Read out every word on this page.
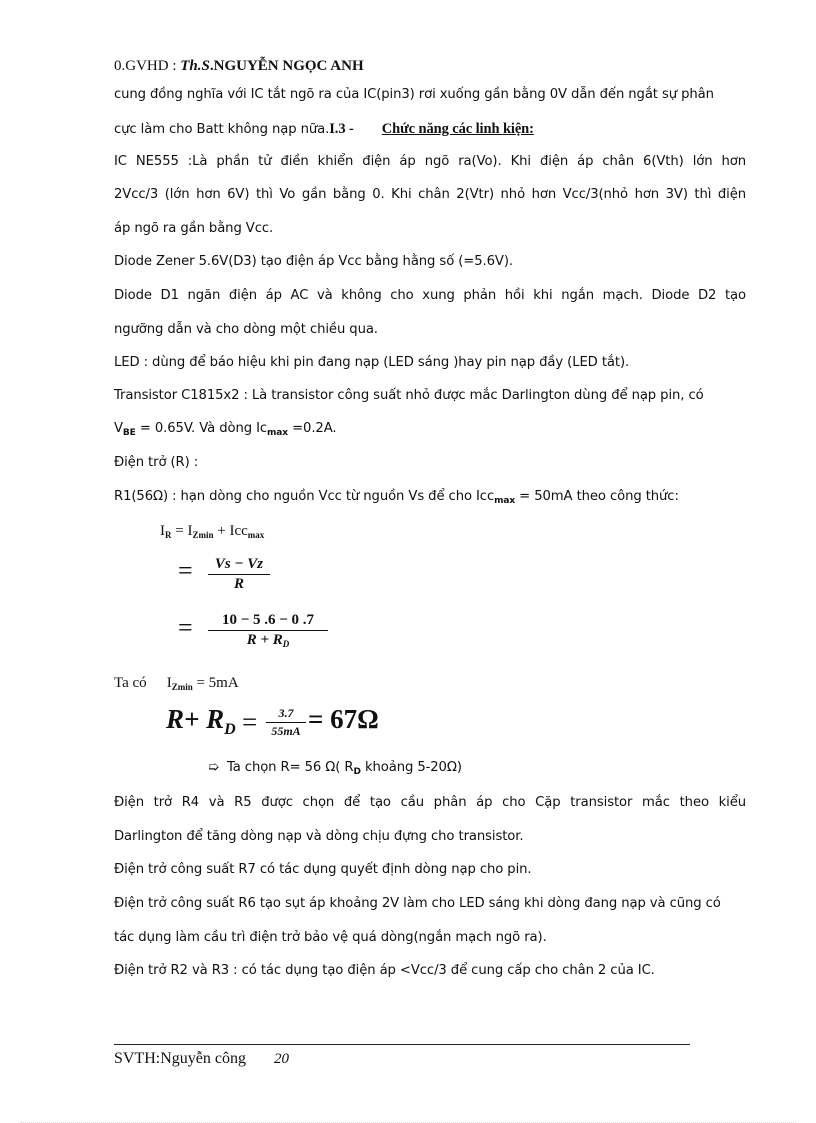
0.GVHD : Th.S.NGUYỄN NGỌC ANH
cung đồng nghĩa với IC tắt ngõ ra của IC(pin3) rơi xuống gần bằng 0V dẫn đến ngắt sự phân
cực làm cho Batt không nạp nữa.I.3 - Chức năng các linh kiện:
IC NE555 :Là phần tử điền khiển điện áp ngõ ra(Vo). Khi điện áp chân 6(Vth) lớn hơn
2Vcc/3 (lớn hơn 6V) thì Vo gần bằng 0. Khi chân 2(Vtr) nhỏ hơn Vcc/3(nhỏ hơn 3V) thì điện
áp ngõ ra gần bằng Vcc.
Diode Zener 5.6V(D3) tạo điện áp Vcc bằng hằng số (=5.6V).
Diode D1 ngăn điện áp AC và không cho xung phản hồi khi ngắn mạch. Diode D2 tạo
ngưỡng dẫn và cho dòng một chiều qua.
LED : dùng để báo hiệu khi pin đang nạp (LED sáng )hay pin nạp đầy (LED tắt).
Transistor C1815x2 : Là transistor công suất nhỏ được mắc Darlington dùng để nạp pin, có
$V_{BE} = 0.65V$. Và dòng $Ic_{max} =0.2A$.
Điện trở (R) :
R1(56Ω) : hạn dòng cho nguồn Vcc từ nguồn Vs để cho Icc$_{max}$ = 50mA theo công thức:
$I_R = I_{Zmin} + Icc_{max}$
=	Vs − Vz
R
=	10 − 5 .6 − 0 .7
$R + R_D$
Ta có $I_{Zmin} = 5mA$
$R+ R_D$ =	3.7
55mA = 67Ω
➯ Ta chọn R= 56 Ω( $R_D$ khoảng 5-20Ω)
Điện trở R4 và R5 được chọn để tạo cầu phân áp cho Cặp transistor mắc theo kiểu
Darlington để tăng dòng nạp và dòng chịu đựng cho transistor.
Điện trở công suất R7 có tác dụng quyết định dòng nạp cho pin.
Điện trở công suất R6 tạo sụt áp khoảng 2V làm cho LED sáng khi dòng đang nạp và cũng có
tác dụng làm cầu trì điện trở bảo vệ quá dòng(ngắn mạch ngõ ra).
Điện trở R2 và R3 : có tác dụng tạo điện áp <Vcc/3 để cung cấp cho chân 2 của IC.
SVTH:Nguyễn công 20
